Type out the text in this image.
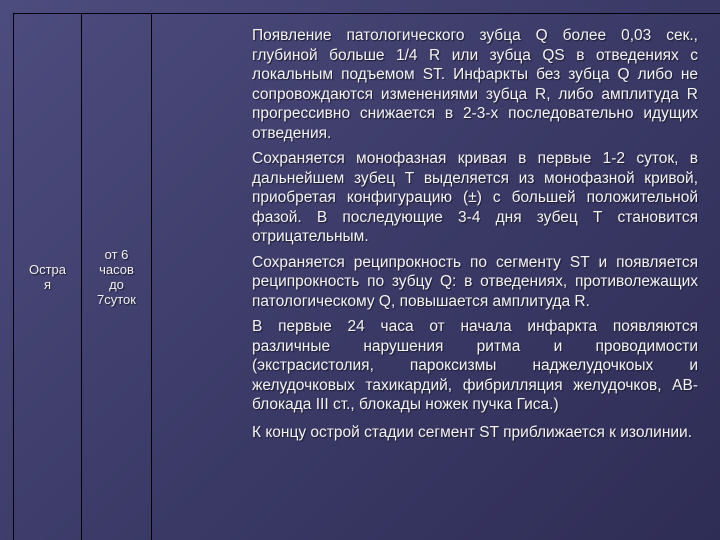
Остра
я
от 6
часов
до
7суток

Появление патологического зубца Q более 0,03 сек., глубиной больше 1/4 R или зубца QS в отведениях с локальным подъемом ST. Инфаркты без зубца Q либо не сопровождаются изменениями зубца R, либо амплитуда R прогрессивно снижается в 2-3-х последовательно идущих отведения.

Сохраняется монофазная кривая в первые 1-2 суток, в дальнейшем зубец Т выделяется из монофазной кривой, приобретая конфигурацию (±) с большей положительной фазой. В последующие 3-4 дня зубец Т становится отрицательным.

Сохраняется реципрокность по сегменту ST и появляется реципрокность по зубцу Q: в отведениях, противолежащих патологическому Q, повышается амплитуда R.

В первые 24 часа от начала инфаркта появляются различные нарушения ритма и проводимости (экстрасистолия, пароксизмы наджелудочкоых и желудочковых тахикардий, фибрилляция желудочков, АВ-блокада III ст., блокады ножек пучка Гиса.)

К концу острой стадии сегмент ST приближается к изолинии.
